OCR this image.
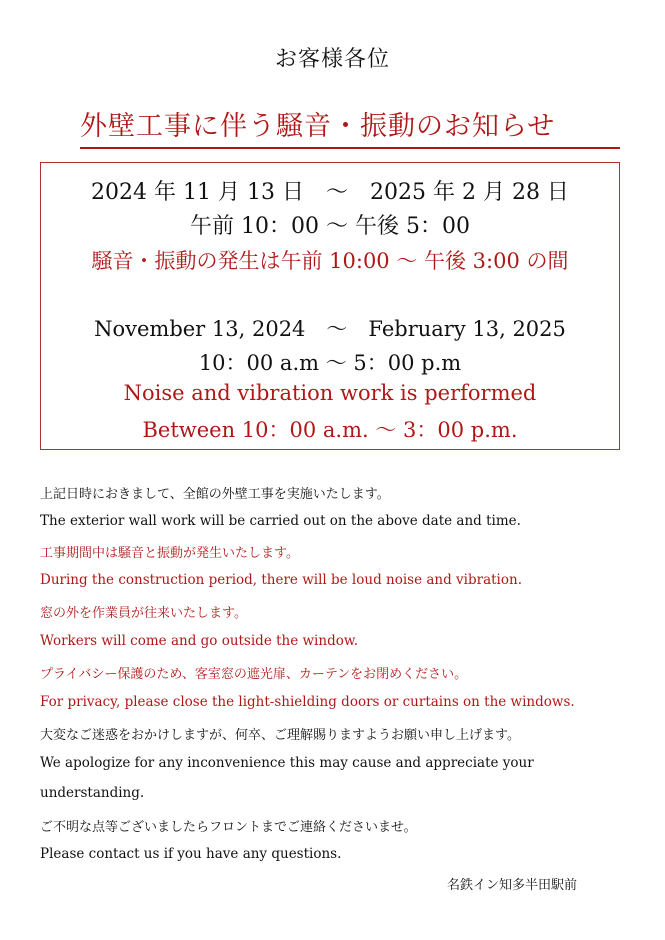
お客様各位
外壁工事に伴う騒音・振動のお知らせ
2024 年 11 月 13 日　～　2025 年 2 月 28 日
午前 10：00 ～ 午後 5：00
騒音・振動の発生は午前 10:00 ～ 午後 3:00 の間
November 13, 2024　～　February 13, 2025
10：00 a.m ～ 5：00 p.m
Noise and vibration work is performed
Between 10：00 a.m. ～ 3：00 p.m.
上記日時におきまして、全館の外壁工事を実施いたします。
The exterior wall work will be carried out on the above date and time.
工事期間中は騒音と振動が発生いたします。
During the construction period, there will be loud noise and vibration.
窓の外を作業員が往来いたします。
Workers will come and go outside the window.
プライバシー保護のため、客室窓の遮光扉、カーテンをお閉めください。
For privacy, please close the light-shielding doors or curtains on the windows.
大変なご迷惑をおかけしますが、何卒、ご理解賜りますようお願い申し上げます。
We apologize for any inconvenience this may cause and appreciate your
understanding.
ご不明な点等ございましたらフロントまでご連絡くださいませ。
Please contact us if you have any questions.
名鉄イン知多半田駅前
